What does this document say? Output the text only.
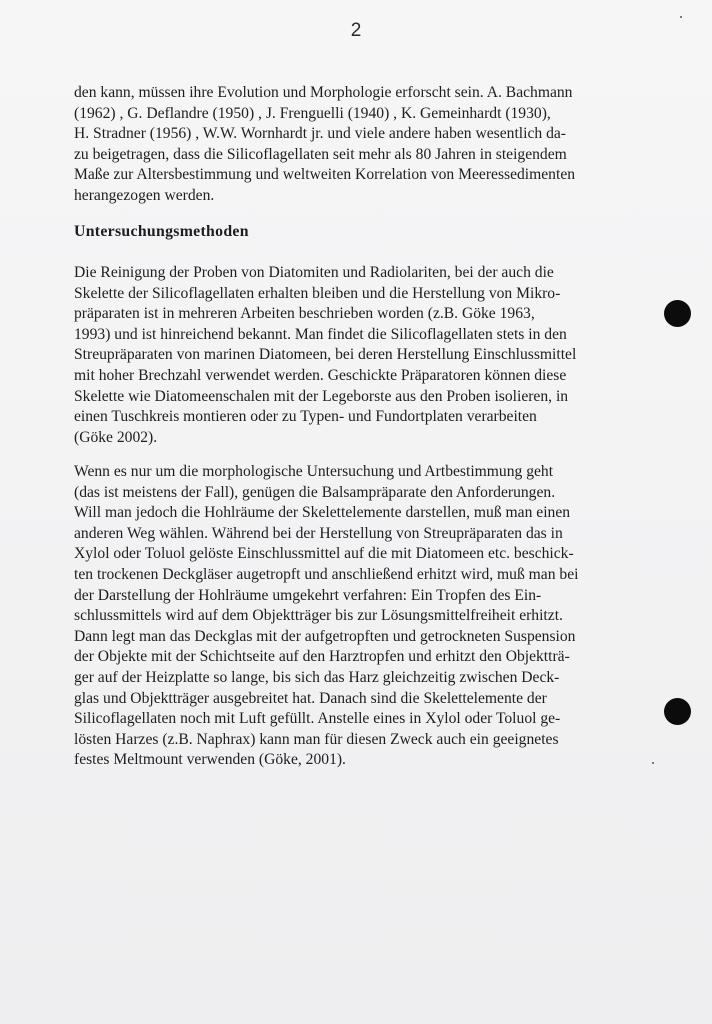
2

den kann, müssen ihre Evolution und Morphologie erforscht sein. A. Bachmann
(1962) , G. Deflandre (1950) , J. Frenguelli (1940) , K. Gemeinhardt (1930),
H. Stradner (1956) , W.W. Wornhardt jr. und viele andere haben wesentlich da-
zu beigetragen, dass die Silicoflagellaten seit mehr als 80 Jahren in steigendem
Maße zur Altersbestimmung und weltweiten Korrelation von Meeressedimenten
herangezogen werden.

Untersuchungsmethoden

Die Reinigung der Proben von Diatomiten und Radiolariten, bei der auch die
Skelette der Silicoflagellaten erhalten bleiben und die Herstellung von Mikro-
präparaten ist in mehreren Arbeiten beschrieben worden (z.B. Göke 1963,
1993) und ist hinreichend bekannt. Man findet die Silicoflagellaten stets in den
Streupräparaten von marinen Diatomeen, bei deren Herstellung Einschlussmittel
mit hoher Brechzahl verwendet werden. Geschickte Präparatoren können diese
Skelette wie Diatomeenschalen mit der Legeborste aus den Proben isolieren, in
einen Tuschkreis montieren oder zu Typen- und Fundortplaten verarbeiten
(Göke 2002).

Wenn es nur um die morphologische Untersuchung und Artbestimmung geht
(das ist meistens der Fall), genügen die Balsampräparate den Anforderungen.
Will man jedoch die Hohlräume der Skelettelemente darstellen, muß man einen
anderen Weg wählen. Während bei der Herstellung von Streupräparaten das in
Xylol oder Toluol gelöste Einschlussmittel auf die mit Diatomeen etc. beschick-
ten trockenen Deckgläser augetropft und anschließend erhitzt wird, muß man bei
der Darstellung der Hohlräume umgekehrt verfahren: Ein Tropfen des Ein-
schlussmittels wird auf dem Objektträger bis zur Lösungsmittelfreiheit erhitzt.
Dann legt man das Deckglas mit der aufgetropften und getrockneten Suspension
der Objekte mit der Schichtseite auf den Harztropfen und erhitzt den Objektträ-
ger auf der Heizplatte so lange, bis sich das Harz gleichzeitig zwischen Deck-
glas und Objektträger ausgebreitet hat. Danach sind die Skelettelemente der
Silicoflagellaten noch mit Luft gefüllt. Anstelle eines in Xylol oder Toluol ge-
lösten Harzes (z.B. Naphrax) kann man für diesen Zweck auch ein geeignetes
festes Meltmount verwenden (Göke, 2001).
